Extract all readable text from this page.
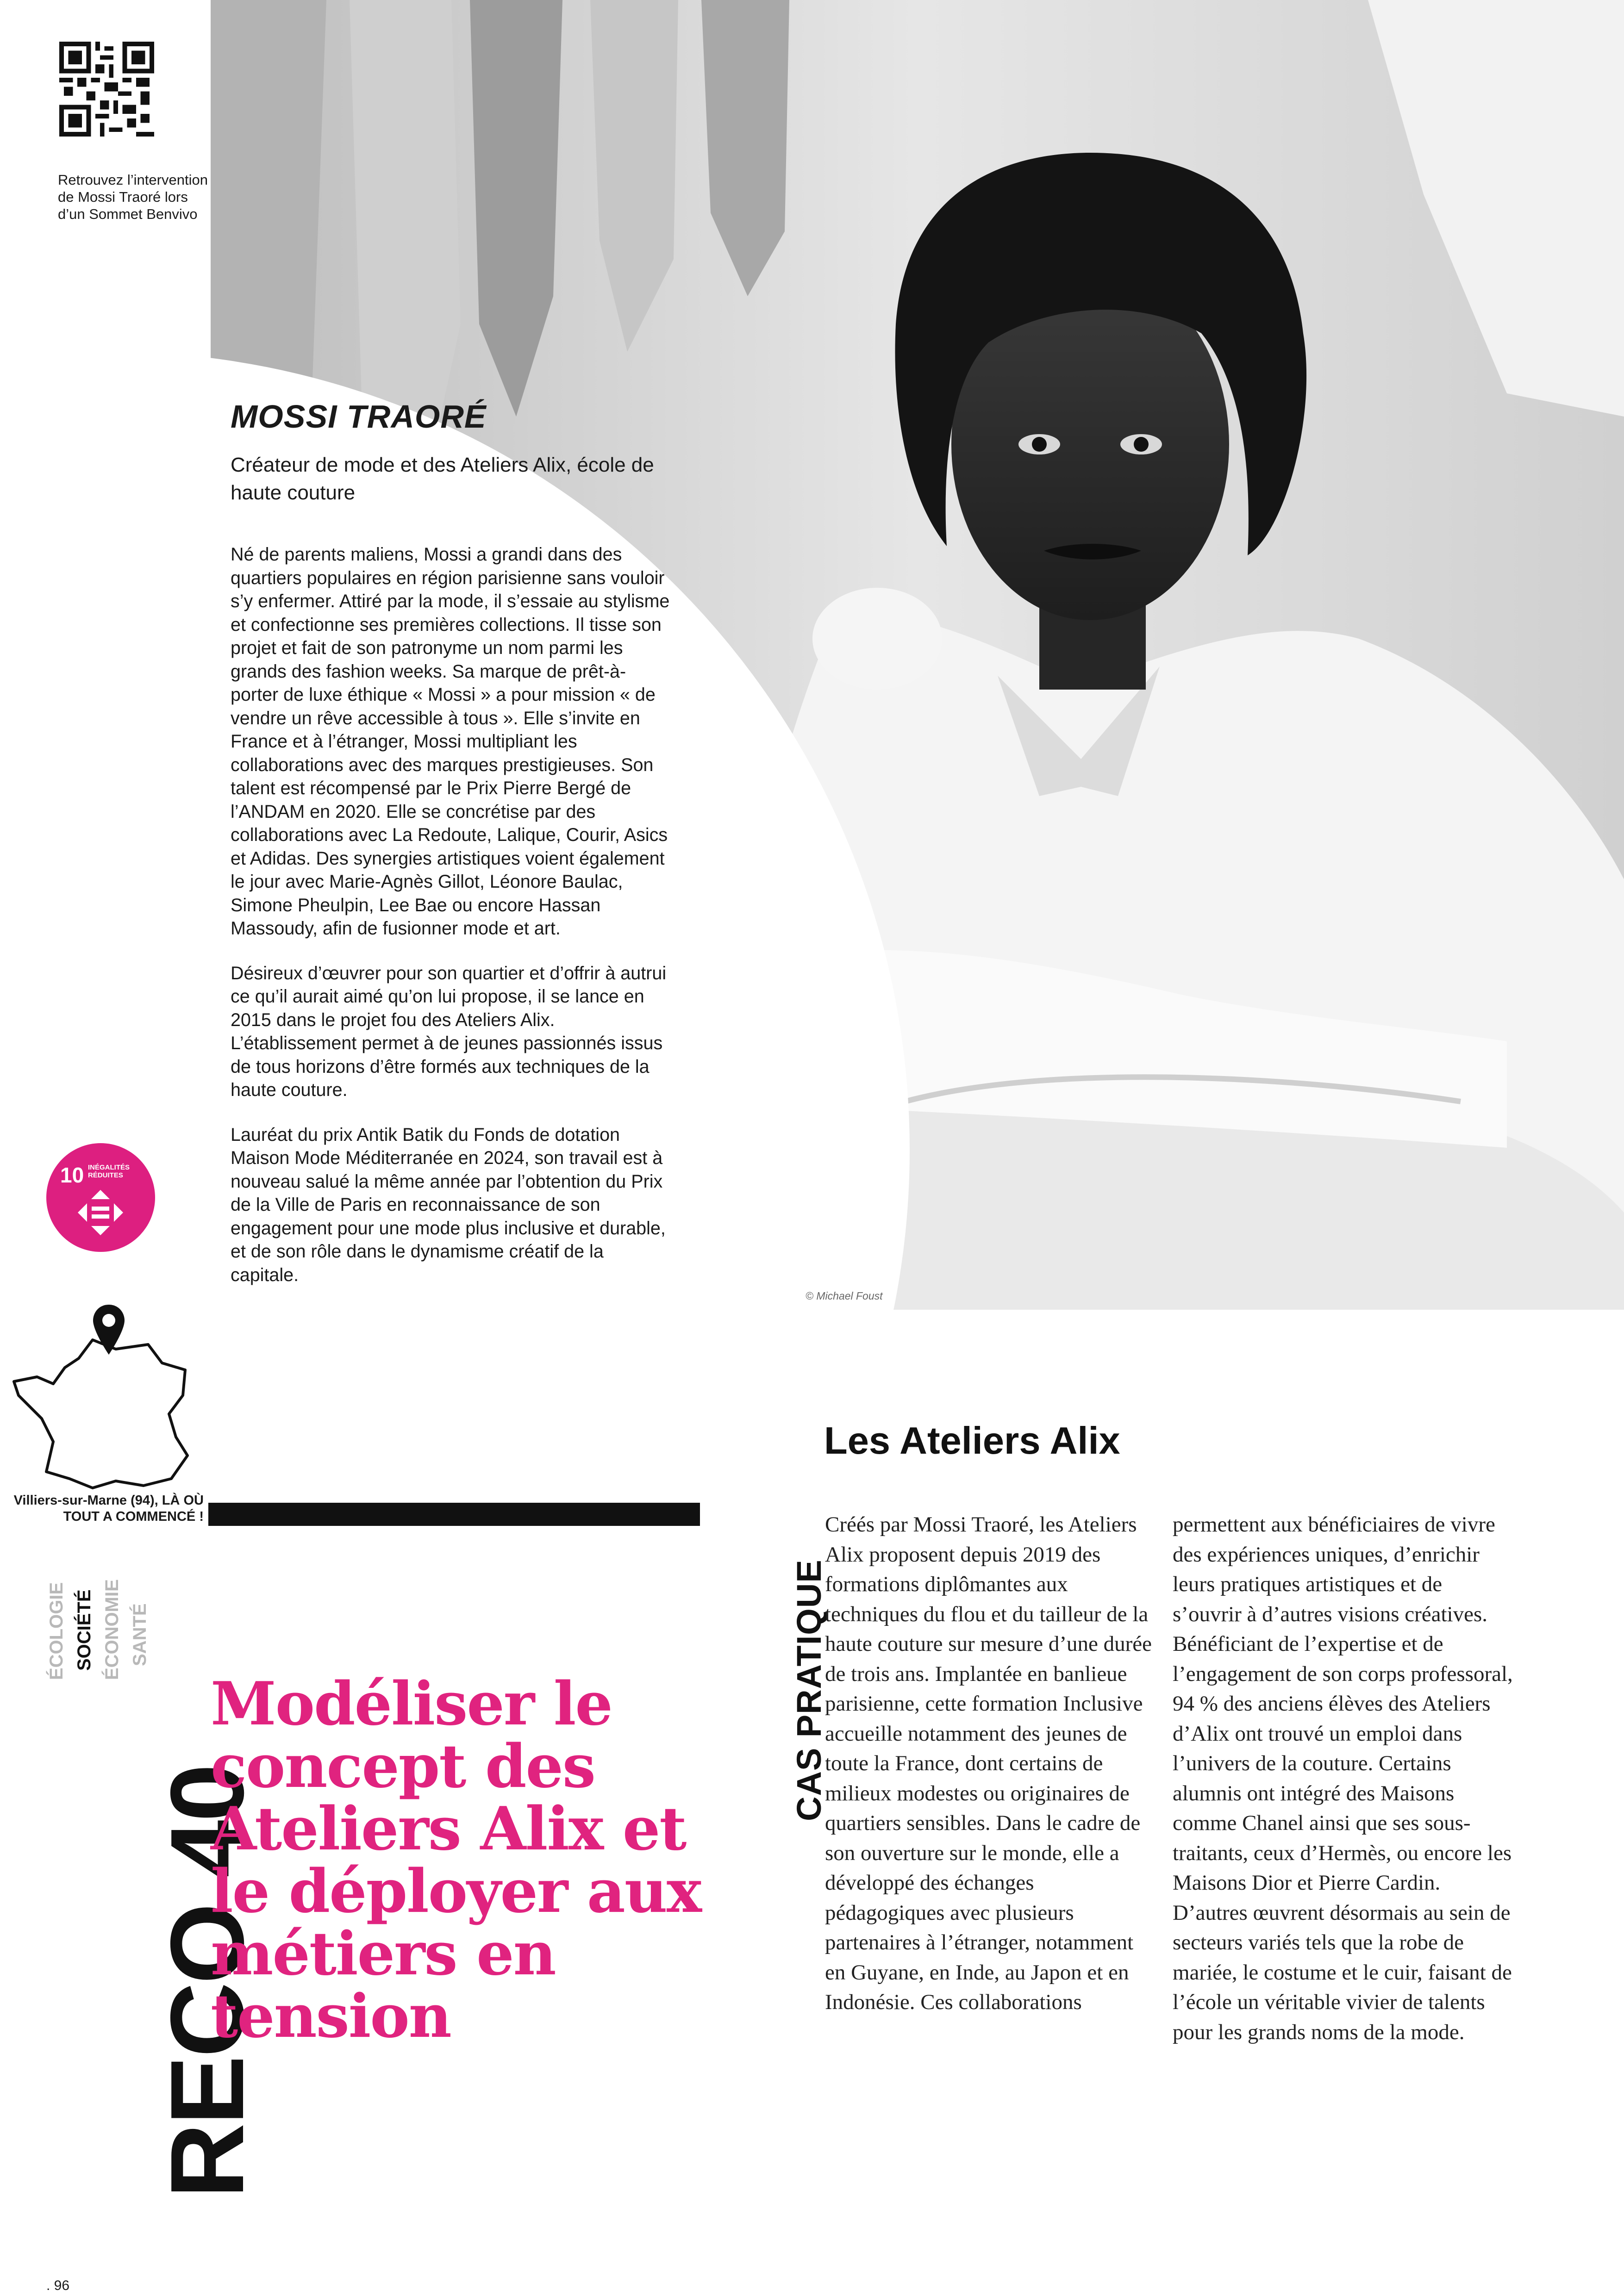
© Michael Foust
Retrouvez l’intervention de Mossi Traoré lors d’un Sommet Benvivo
MOSSI TRAORÉ
Créateur de mode et des Ateliers Alix, école de haute couture

Né de parents maliens, Mossi a grandi dans des quartiers populaires en région parisienne sans vouloir s’y enfermer. Attiré par la mode, il s’essaie au stylisme et confectionne ses premières collections. Il tisse son projet et fait de son patronyme un nom parmi les grands des fashion weeks. Sa marque de prêt-à-porter de luxe éthique « Mossi » a pour mission « de vendre un rêve accessible à tous ». Elle s’invite en France et à l’étranger, Mossi multipliant les collaborations avec des marques prestigieuses. Son talent est récompensé par le Prix Pierre Bergé de l’ANDAM en 2020. Elle se concrétise par des collaborations avec La Redoute, Lalique, Courir, Asics et Adidas. Des synergies artistiques voient également le jour avec Marie-Agnès Gillot, Léonore Baulac, Simone Pheulpin, Lee Bae ou encore Hassan Massoudy, afin de fusionner mode et art.

Désireux d’œuvrer pour son quartier et d’offrir à autrui ce qu’il aurait aimé qu’on lui propose, il se lance en 2015 dans le projet fou des Ateliers Alix. L’établissement permet à de jeunes passionnés issus de tous horizons d’être formés aux techniques de la haute couture.

Lauréat du prix Antik Batik du Fonds de dotation Maison Mode Méditerranée en 2024, son travail est à nouveau salué la même année par l’obtention du Prix de la Ville de Paris en reconnaissance de son engagement pour une mode plus inclusive et durable, et de son rôle dans le dynamisme créatif de la capitale.

10 INÉGALITÉS RÉDUITES
Villiers-sur-Marne (94), LÀ OÙ TOUT A COMMENCÉ !
ÉCOLOGIE SOCIÉTÉ ÉCONOMIE SANTÉ
RECO 40
. 96
Modéliser le concept des Ateliers Alix et le déployer aux métiers en tension
CAS PRATIQUE
Les Ateliers Alix
Créés par Mossi Traoré, les Ateliers Alix proposent depuis 2019 des formations diplômantes aux techniques du flou et du tailleur de la haute couture sur mesure d’une durée de trois ans. Implantée en banlieue parisienne, cette formation Inclusive accueille notamment des jeunes de toute la France, dont certains de milieux modestes ou originaires de quartiers sensibles. Dans le cadre de son ouverture sur le monde, elle a développé des échanges pédagogiques avec plusieurs partenaires à l’étranger, notamment en Guyane, en Inde, au Japon et en Indonésie. Ces collaborations
permettent aux bénéficiaires de vivre des expériences uniques, d’enrichir leurs pratiques artistiques et de s’ouvrir à d’autres visions créatives. Bénéficiant de l’expertise et de l’engagement de son corps professoral, 94 % des anciens élèves des Ateliers d’Alix ont trouvé un emploi dans l’univers de la couture. Certains alumnis ont intégré des Maisons comme Chanel ainsi que ses sous-traitants, ceux d’Hermès, ou encore les Maisons Dior et Pierre Cardin. D’autres œuvrent désormais au sein de secteurs variés tels que la robe de mariée, le costume et le cuir, faisant de l’école un véritable vivier de talents pour les grands noms de la mode.
